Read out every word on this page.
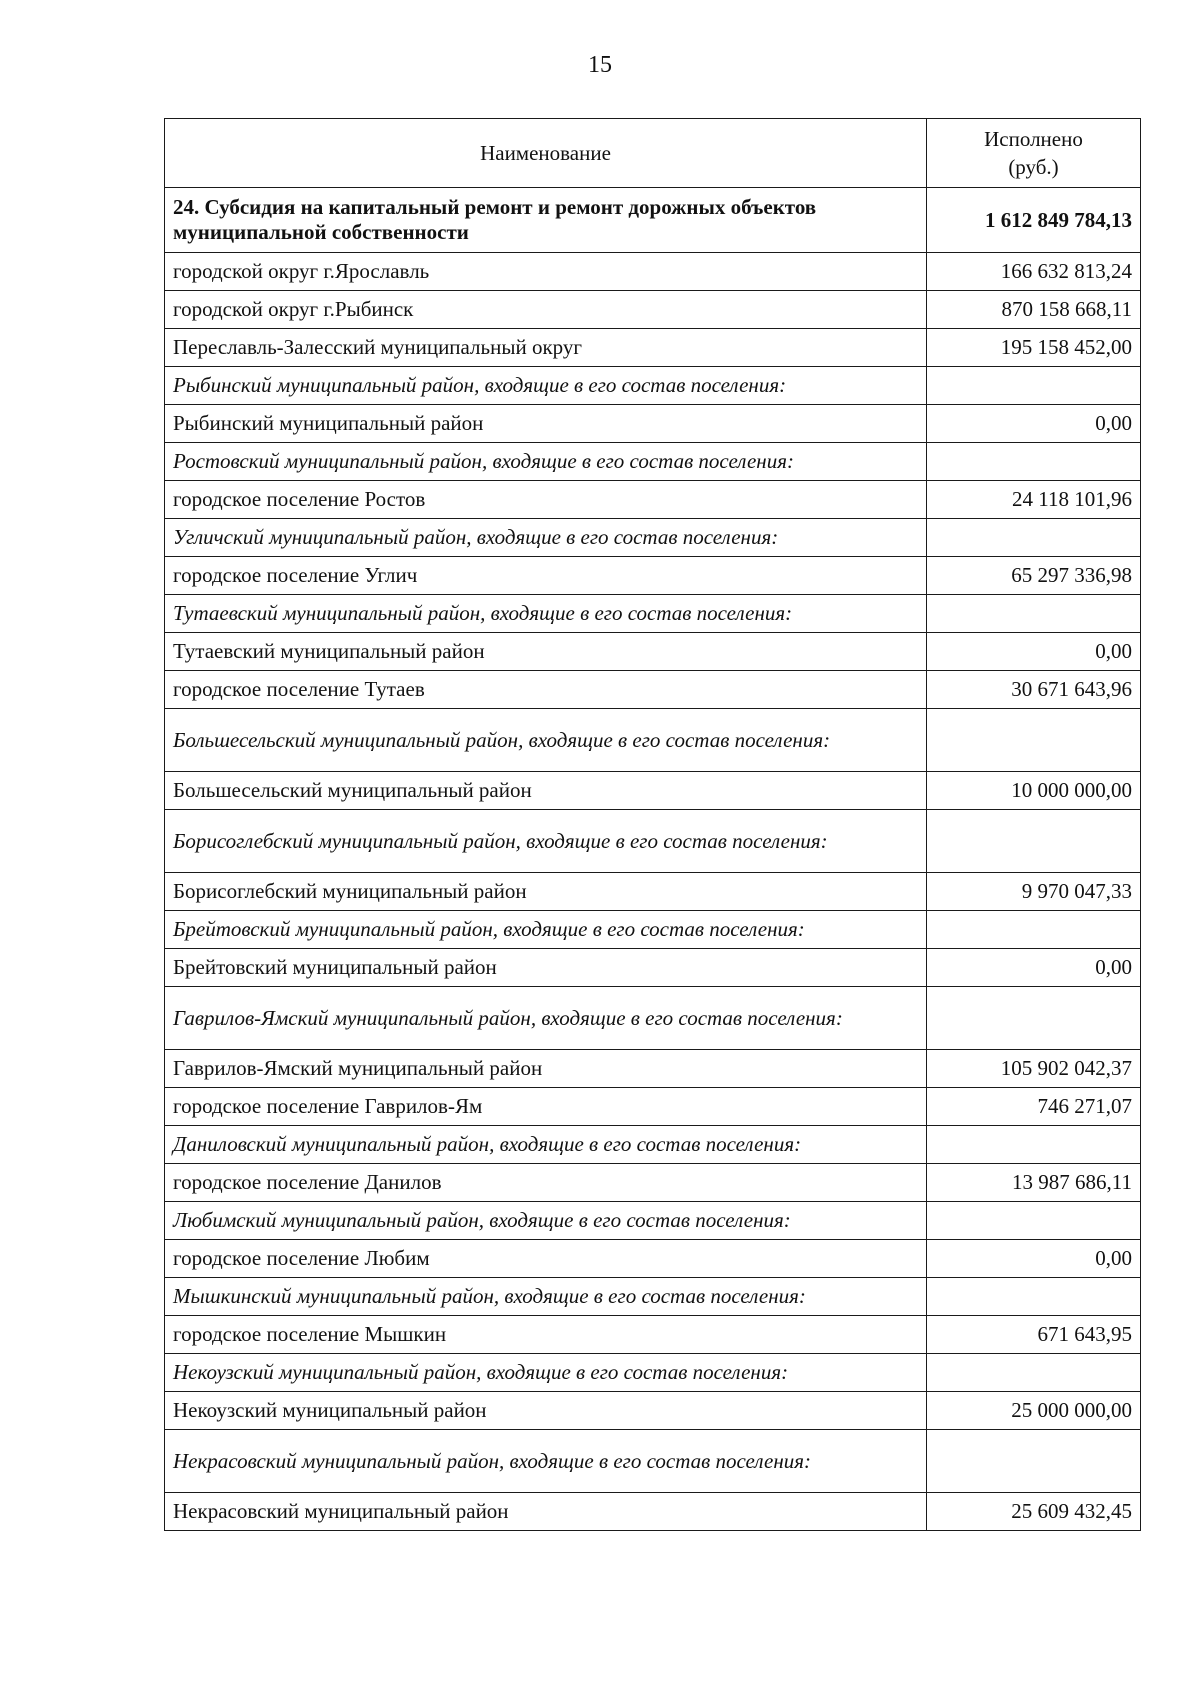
15
Наименование	Исполнено
(руб.)
24. Субсидия на капитальный ремонт и ремонт дорожных объектов муниципальной собственности	1 612 849 784,13
городской округ г.Ярославль	166 632 813,24
городской округ г.Рыбинск	870 158 668,11
Переславль-Залесский муниципальный округ	195 158 452,00
Рыбинский муниципальный район, входящие в его состав поселения:	
Рыбинский муниципальный район	0,00
Ростовский муниципальный район, входящие в его состав поселения:	
городское поселение Ростов	24 118 101,96
Угличский муниципальный район, входящие в его состав поселения:	
городское поселение Углич	65 297 336,98
Тутаевский муниципальный район, входящие в его состав поселения:	
Тутаевский муниципальный район	0,00
городское поселение Тутаев	30 671 643,96
Большесельский муниципальный район, входящие в его состав поселения:	
Большесельский муниципальный район	10 000 000,00
Борисоглебский муниципальный район, входящие в его состав поселения:	
Борисоглебский муниципальный район	9 970 047,33
Брейтовский муниципальный район, входящие в его состав поселения:	
Брейтовский муниципальный район	0,00
Гаврилов-Ямский муниципальный район, входящие в его состав поселения:	
Гаврилов-Ямский муниципальный район	105 902 042,37
городское поселение Гаврилов-Ям	746 271,07
Даниловский муниципальный район, входящие в его состав поселения:	
городское поселение Данилов	13 987 686,11
Любимский муниципальный район, входящие в его состав поселения:	
городское поселение Любим	0,00
Мышкинский муниципальный район, входящие в его состав поселения:	
городское поселение Мышкин	671 643,95
Некоузский муниципальный район, входящие в его состав поселения:	
Некоузский муниципальный район	25 000 000,00
Некрасовский муниципальный район, входящие в его состав поселения:	
Некрасовский муниципальный район	25 609 432,45
